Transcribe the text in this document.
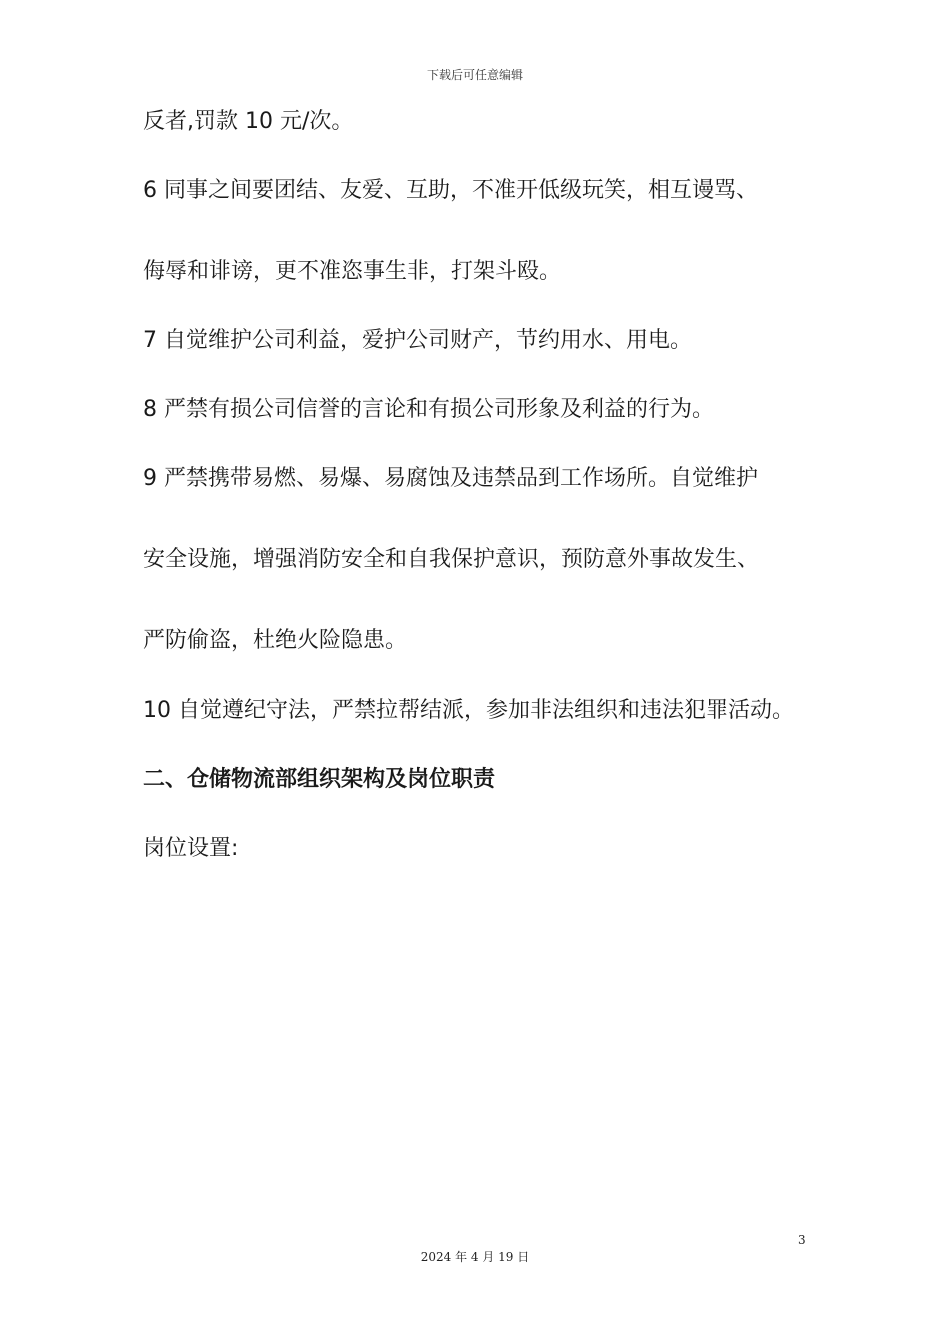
下载后可任意编辑
反者,罚款 10 元/次。
6 同事之间要团结、友爱、互助，不准开低级玩笑，相互谩骂、
侮辱和诽谤，更不准恣事生非，打架斗殴。
7 自觉维护公司利益，爱护公司财产，节约用水、用电。
8 严禁有损公司信誉的言论和有损公司形象及利益的行为。
9 严禁携带易燃、易爆、易腐蚀及违禁品到工作场所。自觉维护
安全设施，增强消防安全和自我保护意识，预防意外事故发生、
严防偷盗，杜绝火险隐患。
10 自觉遵纪守法，严禁拉帮结派，参加非法组织和违法犯罪活动。
二、仓储物流部组织架构及岗位职责
岗位设置:
3
2024 年 4 月 19 日
